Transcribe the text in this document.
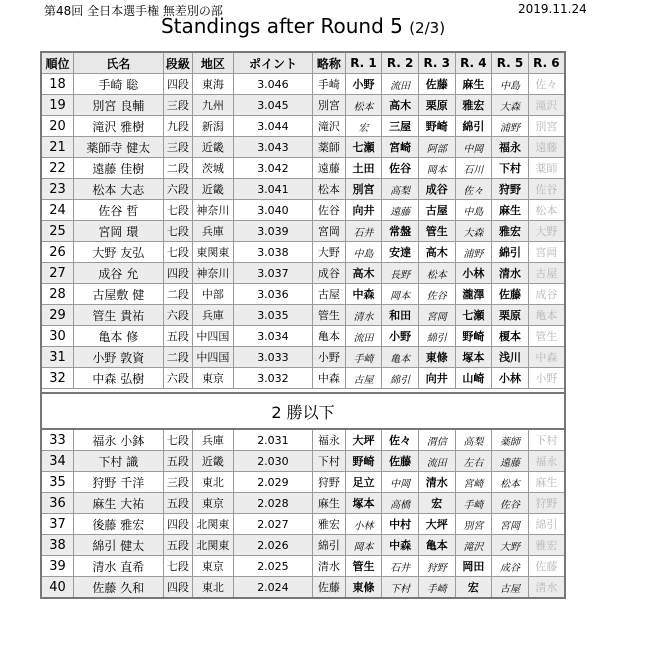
第48回 全日本選手権 無差別の部	2019.11.24
Standings after Round 5 (2/3)
順位	氏名	段級	地区	ポイント	略称	R. 1	R. 2	R. 3	R. 4	R. 5	R. 6
18	手崎 聡	四段	東海	3.046	手崎	小野	流田	佐藤	麻生	中島	佐々
19	別宮 良輔	三段	九州	3.045	別宮	松本	高木	栗原	雅宏	大森	滝沢
20	滝沢 雅樹	九段	新潟	3.044	滝沢	宏	三屋	野崎	綿引	浦野	別宮
21	薬師寺 健太	三段	近畿	3.043	薬師	七瀬	宮崎	阿部	中岡	福永	遠藤
22	遠藤 佳樹	二段	茨城	3.042	遠藤	土田	佐谷	岡本	石川	下村	薬師
23	松本 大志	六段	近畿	3.041	松本	別宮	高梨	成谷	佐々	狩野	佐谷
24	佐谷 哲	七段	神奈川	3.040	佐谷	向井	遠藤	古屋	中島	麻生	松本
25	宮岡 環	七段	兵庫	3.039	宮岡	石井	常盤	管生	大森	雅宏	大野
26	大野 友弘	七段	東関東	3.038	大野	中島	安達	高木	浦野	綿引	宮岡
27	成谷 允	四段	神奈川	3.037	成谷	高木	長野	松本	小林	清水	古屋
28	古屋敷 健	二段	中部	3.036	古屋	中森	岡本	佐谷	瀧澤	佐藤	成谷
29	管生 貴祐	六段	兵庫	3.035	管生	清水	和田	宮岡	七瀬	栗原	亀本
30	亀本 修	五段	中四国	3.034	亀本	流田	小野	綿引	野崎	榎本	管生
31	小野 敦資	二段	中四国	3.033	小野	手崎	亀本	東條	塚本	浅川	中森
32	中森 弘樹	六段	東京	3.032	中森	古屋	綿引	向井	山崎	小林	小野

2 勝以下											
33	福永 小鉢	七段	兵庫	2.031	福永	大坪	佐々	渭信	高梨	薬師	下村
34	下村 識	五段	近畿	2.030	下村	野崎	佐藤	流田	左右	遠藤	福永
35	狩野 千洋	三段	東北	2.029	狩野	足立	中岡	清水	宮崎	松本	麻生
36	麻生 大祐	五段	東京	2.028	麻生	塚本	高橋	宏	手崎	佐谷	狩野
37	後藤 雅宏	四段	北関東	2.027	雅宏	小林	中村	大坪	別宮	宮岡	綿引
38	綿引 健太	五段	北関東	2.026	綿引	岡本	中森	亀本	滝沢	大野	雅宏
39	清水 直希	七段	東京	2.025	清水	管生	石井	狩野	岡田	成谷	佐藤
40	佐藤 久和	四段	東北	2.024	佐藤	東條	下村	手崎	宏	古屋	清水
